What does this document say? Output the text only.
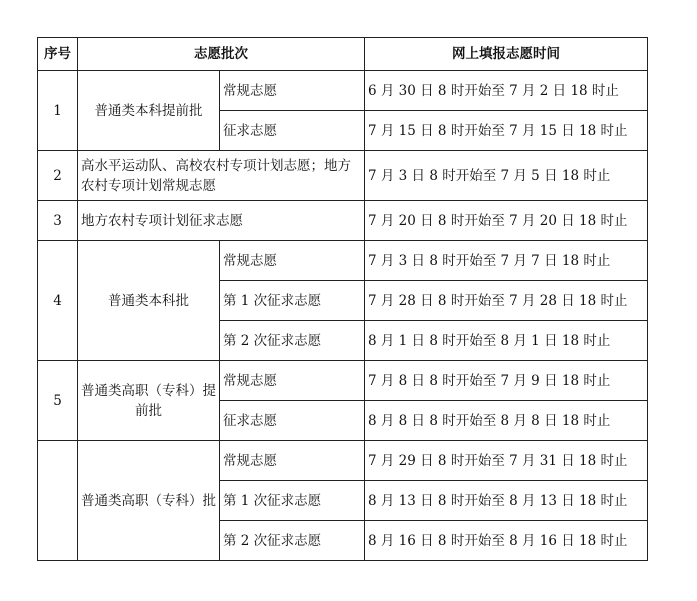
序号	志愿批次		网上填报志愿时间
1	普通类本科提前批	常规志愿	6 月 30 日 8 时开始至 7 月 2 日 18 时止
		征求志愿	7 月 15 日 8 时开始至 7 月 15 日 18 时止
2	高水平运动队、高校农村专项计划志愿；地方农村专项计划常规志愿		7 月 3 日 8 时开始至 7 月 5 日 18 时止
3	地方农村专项计划征求志愿		7 月 20 日 8 时开始至 7 月 20 日 18 时止
4	普通类本科批	常规志愿	7 月 3 日 8 时开始至 7 月 7 日 18 时止
		第 1 次征求志愿	7 月 28 日 8 时开始至 7 月 28 日 18 时止
		第 2 次征求志愿	8 月 1 日 8 时开始至 8 月 1 日 18 时止
5	普通类高职（专科）提前批	常规志愿	7 月 8 日 8 时开始至 7 月 9 日 18 时止
		征求志愿	8 月 8 日 8 时开始至 8 月 8 日 18 时止
	普通类高职（专科）批	常规志愿	7 月 29 日 8 时开始至 7 月 31 日 18 时止
		第 1 次征求志愿	8 月 13 日 8 时开始至 8 月 13 日 18 时止
		第 2 次征求志愿	8 月 16 日 8 时开始至 8 月 16 日 18 时止
